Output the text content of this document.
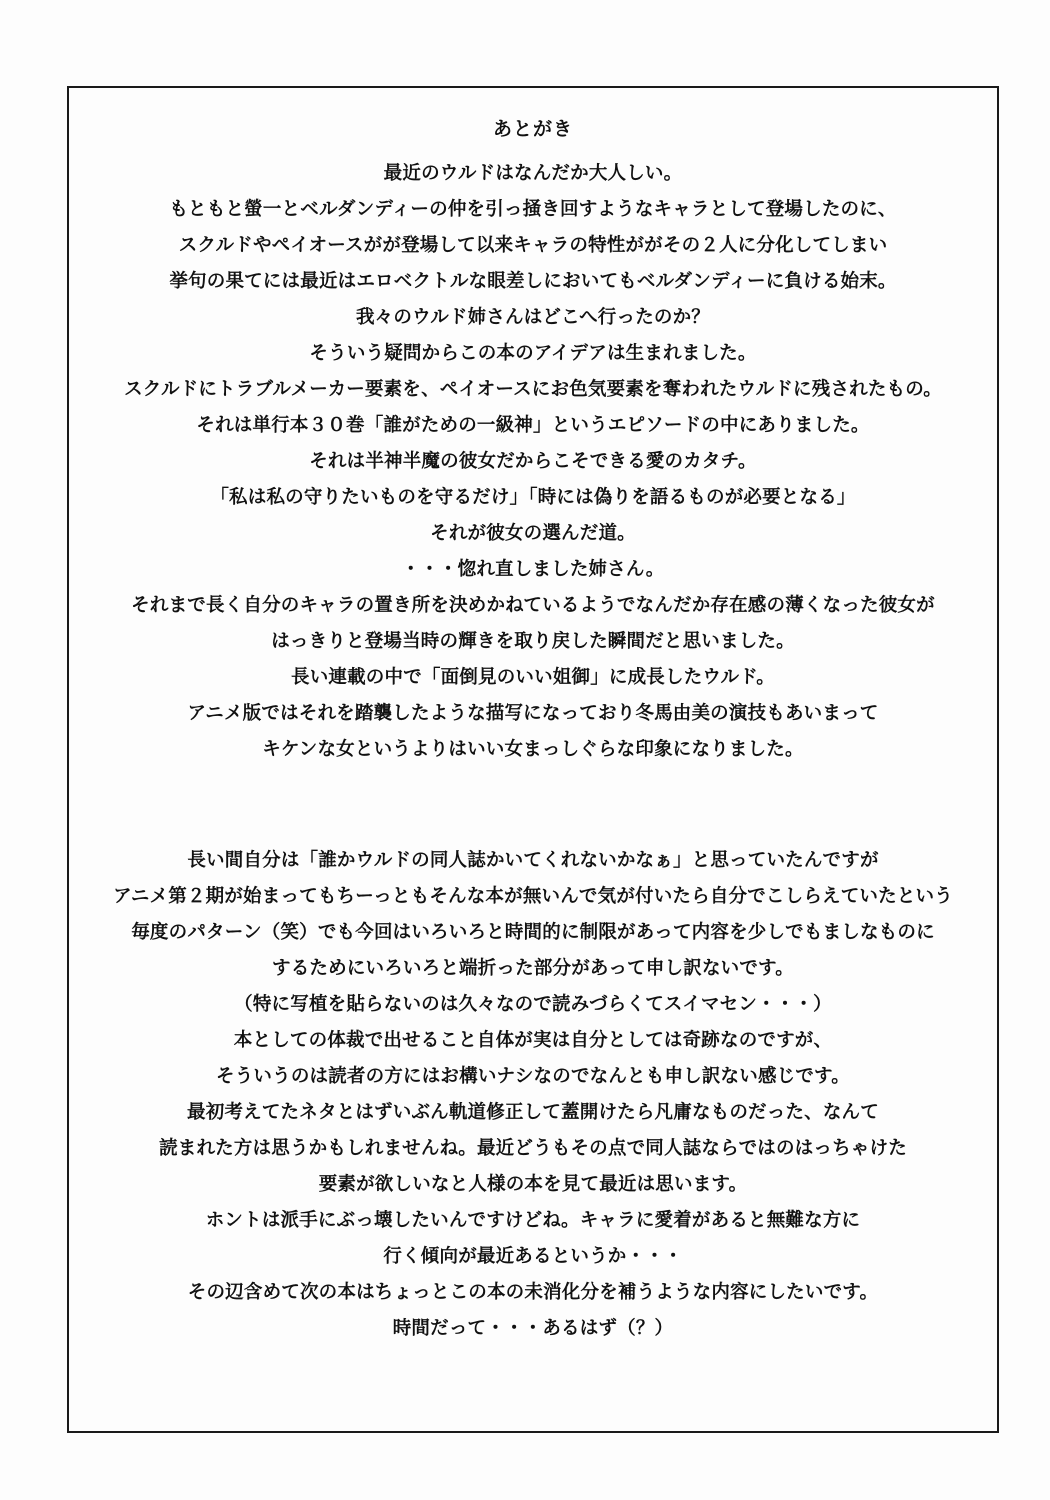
あとがき
最近のウルドはなんだか大人しい。
もともと螢一とベルダンディーの仲を引っ掻き回すようなキャラとして登場したのに、
スクルドやペイオースがが登場して以来キャラの特性ががその２人に分化してしまい
挙句の果てには最近はエロベクトルな眼差しにおいてもベルダンディーに負ける始末。
我々のウルド姉さんはどこへ行ったのか？
そういう疑問からこの本のアイデアは生まれました。
スクルドにトラブルメーカー要素を、ペイオースにお色気要素を奪われたウルドに残されたもの。
それは単行本３０巻「誰がための一級神」というエピソードの中にありました。
それは半神半魔の彼女だからこそできる愛のカタチ。
「私は私の守りたいものを守るだけ」「時には偽りを語るものが必要となる」
それが彼女の選んだ道。
・・・惚れ直しました姉さん。
それまで長く自分のキャラの置き所を決めかねているようでなんだか存在感の薄くなった彼女が
はっきりと登場当時の輝きを取り戻した瞬間だと思いました。
長い連載の中で「面倒見のいい姐御」に成長したウルド。
アニメ版ではそれを踏襲したような描写になっており冬馬由美の演技もあいまって
キケンな女というよりはいい女まっしぐらな印象になりました。
長い間自分は「誰かウルドの同人誌かいてくれないかなぁ」と思っていたんですが
アニメ第２期が始まってもちーっともそんな本が無いんで気が付いたら自分でこしらえていたという
毎度のパターン（笑）でも今回はいろいろと時間的に制限があって内容を少しでもましなものに
するためにいろいろと端折った部分があって申し訳ないです。
（特に写植を貼らないのは久々なので読みづらくてスイマセン・・・）
本としての体裁で出せること自体が実は自分としては奇跡なのですが、
そういうのは読者の方にはお構いナシなのでなんとも申し訳ない感じです。
最初考えてたネタとはずいぶん軌道修正して蓋開けたら凡庸なものだった、なんて
読まれた方は思うかもしれませんね。最近どうもその点で同人誌ならではのはっちゃけた
要素が欲しいなと人様の本を見て最近は思います。
ホントは派手にぶっ壊したいんですけどね。キャラに愛着があると無難な方に
行く傾向が最近あるというか・・・
その辺含めて次の本はちょっとこの本の未消化分を補うような内容にしたいです。
時間だって・・・あるはず（？）
